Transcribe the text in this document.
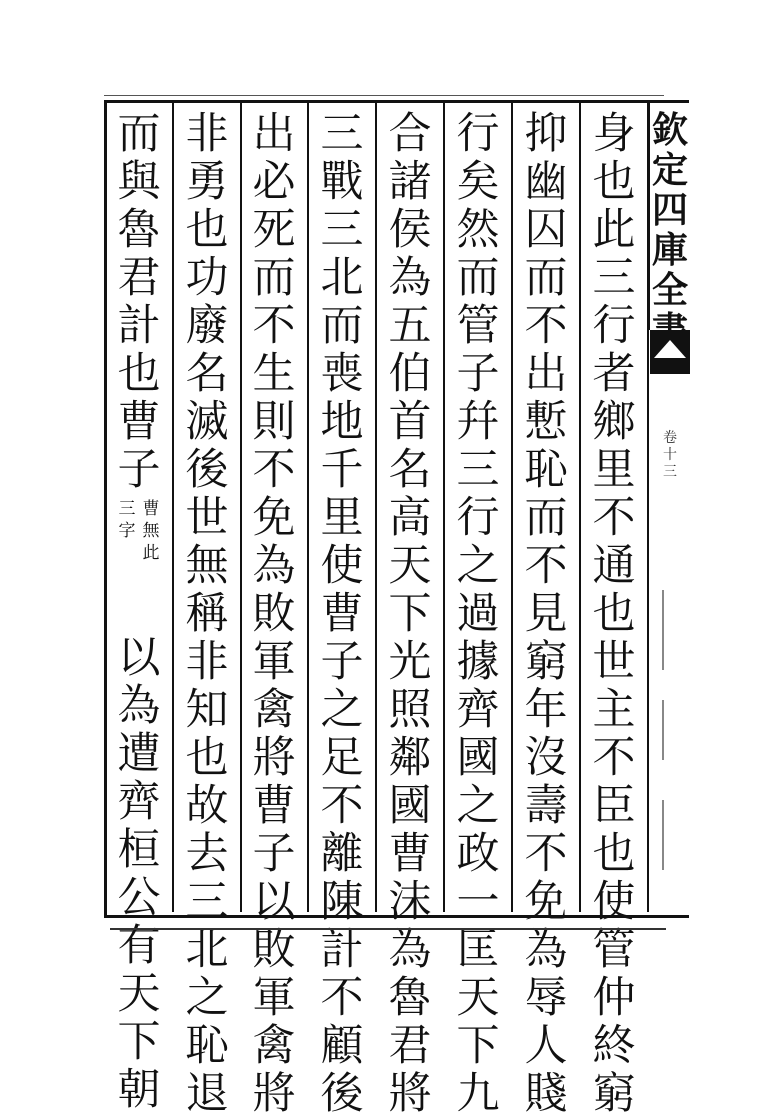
欽
定
四
庫
全
卷
十
三
身
也
此
三
行
者
鄉
里
不
通
也
世
主
不
臣
也
使
管
仲
終
窮
抑
幽
囚
而
不
出
慙
恥
而
不
見
窮
年
沒
壽
不
免
為
辱
人
賤
行
矣
然
而
管
子
幷
三
行
之
過
據
齊
國
之
政
一
匡
天
下
九
合
諸
侯
為
五
伯
首
名
高
天
下
光
照
鄰
國
曹
沫
為
魯
君
將
三
戰
三
北
而
喪
地
千
里
使
曹
子
之
足
不
離
陳
計
不
顧
後
出
必
死
而
不
生
則
不
免
為
敗
軍
禽
將
曹
子
以
敗
軍
禽
將
非
勇
也
功
廢
名
滅
後
世
無
稱
非
知
也
故
去
三
北
之
恥
退
而
與
魯
君
計
也
曹
子
曹
無
此
三
字
以
為
遭
齊
桓
公
有
天
下
朝
